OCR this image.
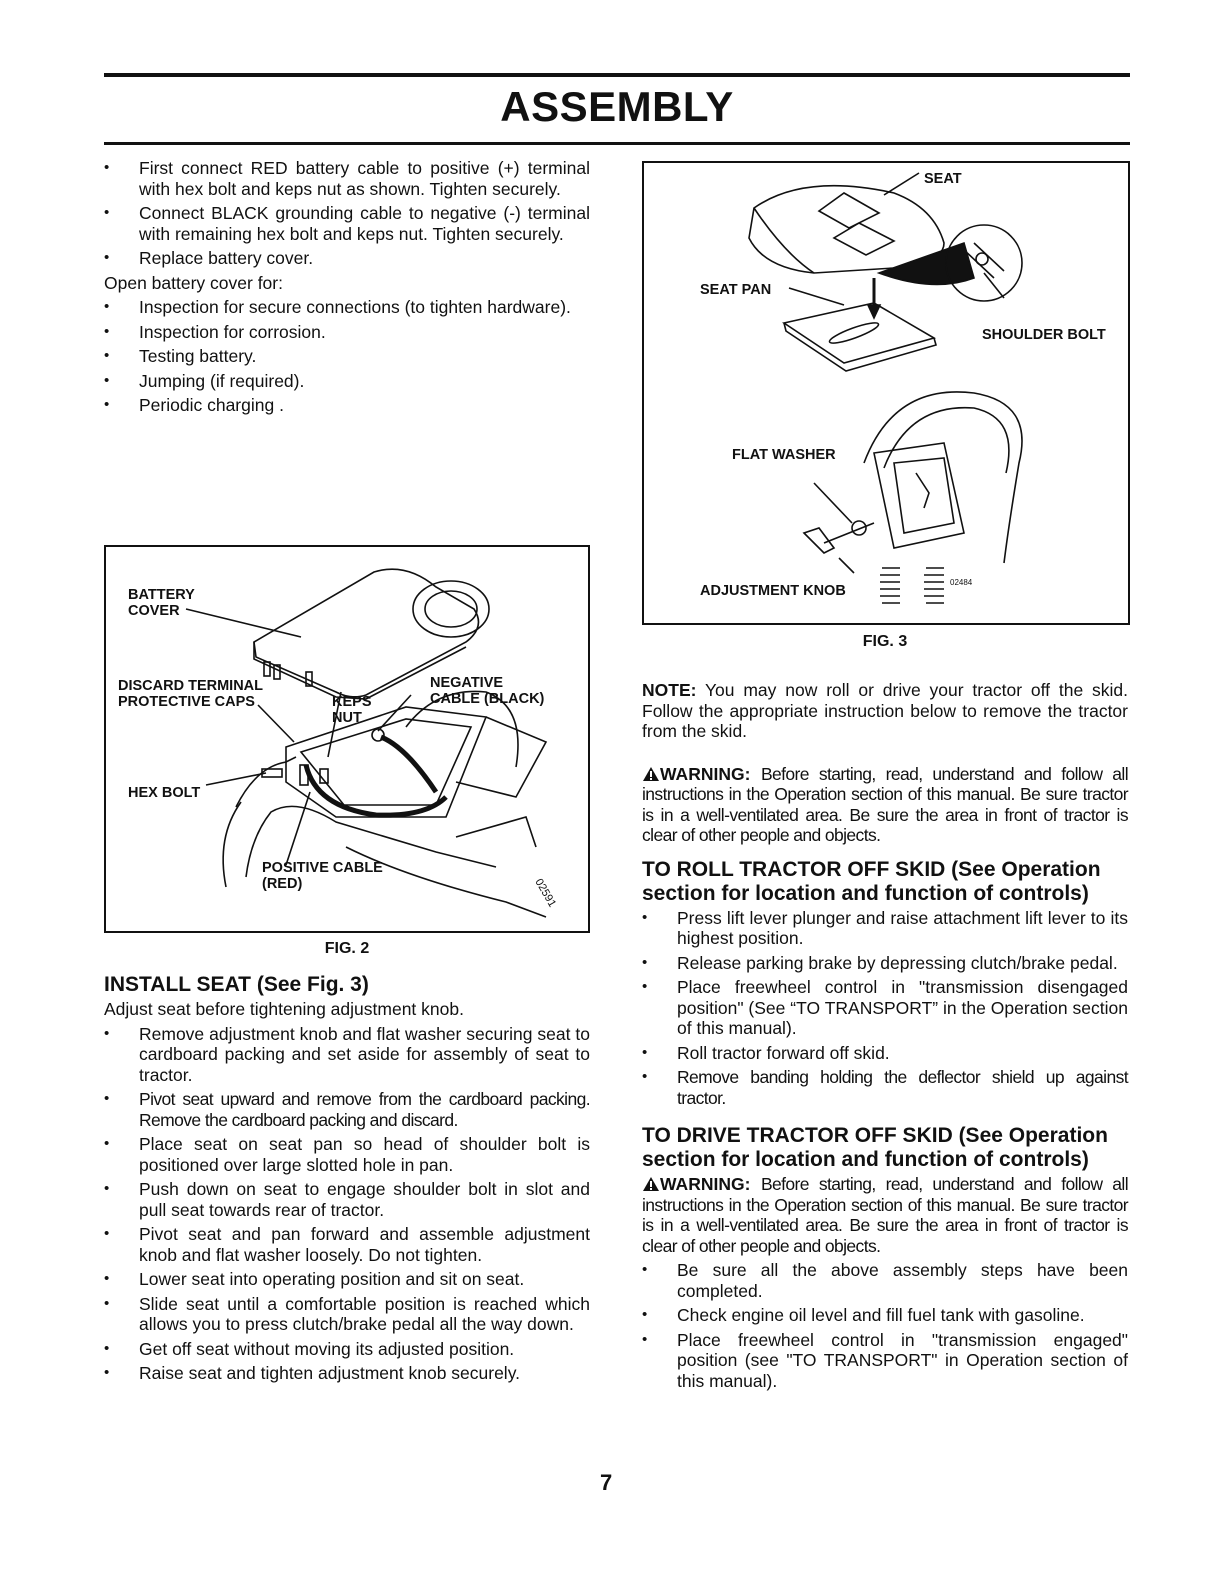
ASSEMBLY
• First connect RED battery cable to positive (+) terminal with hex bolt and keps nut as shown. Tighten securely.
• Connect BLACK grounding cable to negative (-) terminal with remaining hex bolt and keps nut. Tighten securely.
• Replace battery cover.

Open battery cover for:

• Inspection for secure connections (to tighten hardware).
• Inspection for corrosion.
• Testing battery.
• Jumping (if required).
• Periodic charging .
BATTERY
COVER
DISCARD TERMINAL
PROTECTIVE CAPS	KEPS
NUT
NEGATIVE
CABLE (BLACK)
HEX BOLT
POSITIVE CABLE
(RED)	02591
FIG. 2
INSTALL SEAT (See Fig. 3)

Adjust seat before tightening adjustment knob.

• Remove adjustment knob and flat washer securing seat to cardboard packing and set aside for assembly of seat to tractor.
• Pivot seat upward and remove from the cardboard packing. Remove the cardboard packing and discard.
• Place seat on seat pan so head of shoulder bolt is positioned over large slotted hole in pan.
• Push down on seat to engage shoulder bolt in slot and pull seat towards rear of tractor.
• Pivot seat and pan forward and assemble adjustment knob and flat washer loosely. Do not tighten.
• Lower seat into operating position and sit on seat.
• Slide seat until a comfortable position is reached which allows you to press clutch/brake pedal all the way down.
• Get off seat without moving its adjusted position.
• Raise seat and tighten adjustment knob securely.
SEAT
SEAT PAN
SHOULDER BOLT
FLAT WASHER
ADJUSTMENT KNOB
02484
FIG. 3

NOTE: You may now roll or drive your tractor off the skid. Follow the appropriate instruction below to remove the tractor from the skid.

WARNING: Before starting, read, understand and follow all instructions in the Operation section of this manual. Be sure tractor is in a well-ventilated area. Be sure the area in front of tractor is clear of other people and objects.

TO ROLL TRACTOR OFF SKID (See Operation section for location and function of controls)
• Press lift lever plunger and raise attachment lift lever to its highest position.
• Release parking brake by depressing clutch/brake pedal.
• Place freewheel control in "transmission disengaged position" (See “TO TRANSPORT” in the Operation section of this manual).
• Roll tractor forward off skid.
• Remove banding holding the deflector shield up against tractor.
TO DRIVE TRACTOR OFF SKID (See Operation section for location and function of controls)

WARNING: Before starting, read, understand and follow all instructions in the Operation section of this manual. Be sure tractor is in a well-ventilated area. Be sure the area in front of tractor is clear of other people and objects.

• Be sure all the above assembly steps have been completed.
• Check engine oil level and fill fuel tank with gasoline.
• Place freewheel control in "transmission engaged" position (see "TO TRANSPORT" in Operation section of this manual).
7
